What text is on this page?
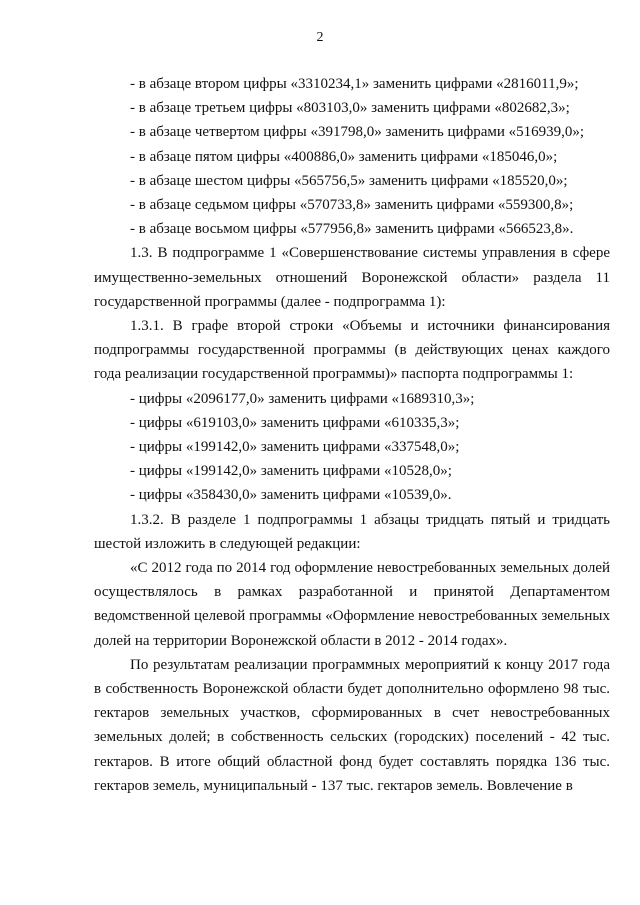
2

- в абзаце втором цифры «3310234,1» заменить цифрами «2816011,9»;

- в абзаце третьем цифры «803103,0» заменить цифрами «802682,3»;

- в абзаце четвертом цифры «391798,0» заменить цифрами «516939,0»;

- в абзаце пятом цифры «400886,0» заменить цифрами «185046,0»;

- в абзаце шестом цифры «565756,5» заменить цифрами «185520,0»;

- в абзаце седьмом цифры «570733,8» заменить цифрами «559300,8»;

- в абзаце восьмом цифры «577956,8» заменить цифрами «566523,8».

1.3. В подпрограмме 1 «Совершенствование системы управления в сфере имущественно-земельных отношений Воронежской области» раздела 11 государственной программы (далее - подпрограмма 1):

1.3.1. В графе второй строки «Объемы и источники финансирования подпрограммы государственной программы (в действующих ценах каждого года реализации государственной программы)» паспорта подпрограммы 1:

- цифры «2096177,0» заменить цифрами «1689310,3»;

- цифры «619103,0» заменить цифрами «610335,3»;

- цифры «199142,0» заменить цифрами «337548,0»;

- цифры «199142,0» заменить цифрами «10528,0»;

- цифры «358430,0» заменить цифрами «10539,0».

1.3.2. В разделе 1 подпрограммы 1 абзацы тридцать пятый и тридцать шестой изложить в следующей редакции:

«С 2012 года по 2014 год оформление невостребованных земельных долей осуществлялось в рамках разработанной и принятой Департаментом ведомственной целевой программы «Оформление невостребованных земельных долей на территории Воронежской области в 2012 - 2014 годах».

По результатам реализации программных мероприятий к концу 2017 года в собственность Воронежской области будет дополнительно оформлено 98 тыс. гектаров земельных участков, сформированных в счет невостребованных земельных долей; в собственность сельских (городских) поселений - 42 тыс. гектаров. В итоге общий областной фонд будет составлять порядка 136 тыс. гектаров земель, муниципальный - 137 тыс. гектаров земель. Вовлечение в
